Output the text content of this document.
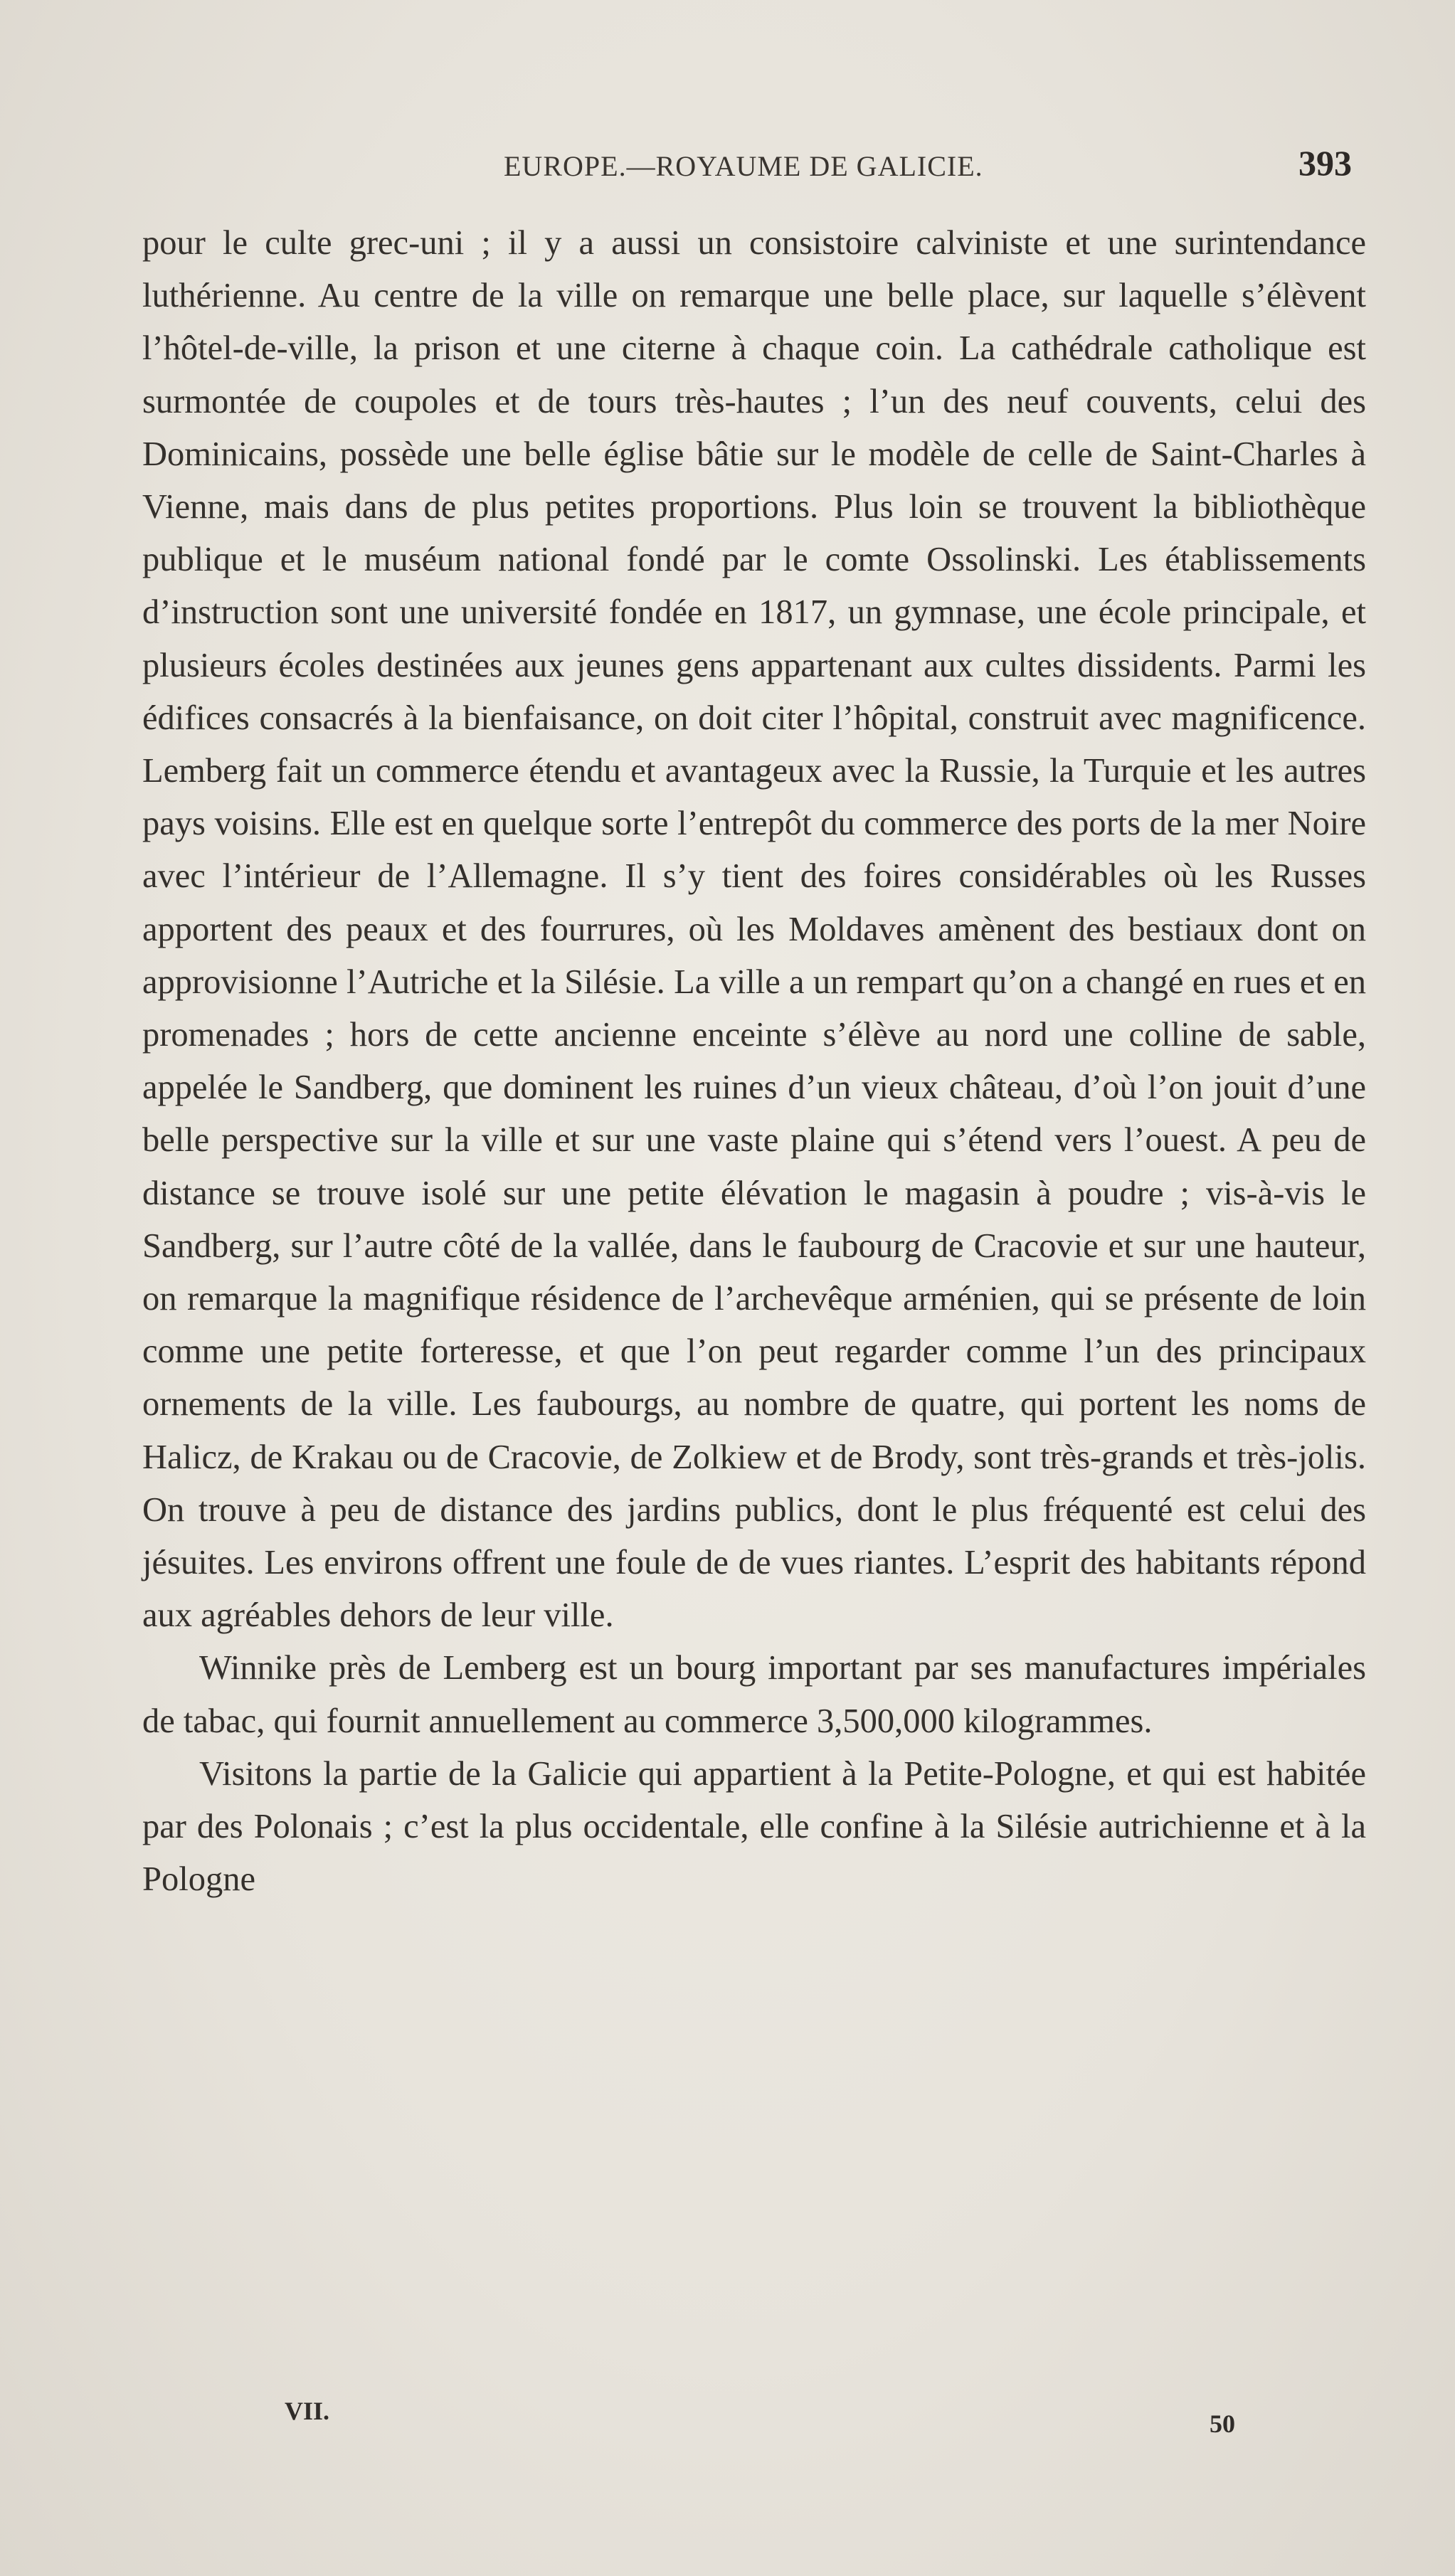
EUROPE.—ROYAUME DE GALICIE.	393

pour le culte grec-uni ; il y a aussi un consistoire calviniste et une surintendance luthérienne. Au centre de la ville on remarque une belle place, sur laquelle s’élèvent l’hôtel-de-ville, la prison et une citerne à chaque coin. La cathédrale catholique est surmontée de coupoles et de tours très-hautes ; l’un des neuf couvents, celui des Dominicains, possède une belle église bâtie sur le modèle de celle de Saint-Charles à Vienne, mais dans de plus petites proportions. Plus loin se trouvent la bibliothèque publique et le muséum national fondé par le comte Ossolinski. Les établissements d’instruction sont une université fondée en 1817, un gymnase, une école principale, et plusieurs écoles destinées aux jeunes gens appartenant aux cultes dissidents. Parmi les édifices consacrés à la bienfaisance, on doit citer l’hôpital, construit avec magnificence. Lemberg fait un commerce étendu et avantageux avec la Russie, la Turquie et les autres pays voisins. Elle est en quelque sorte l’entrepôt du commerce des ports de la mer Noire avec l’intérieur de l’Allemagne. Il s’y tient des foires considérables où les Russes apportent des peaux et des fourrures, où les Moldaves amènent des bestiaux dont on approvisionne l’Autriche et la Silésie. La ville a un rempart qu’on a changé en rues et en promenades ; hors de cette ancienne enceinte s’élève au nord une colline de sable, appelée le Sandberg, que dominent les ruines d’un vieux château, d’où l’on jouit d’une belle perspective sur la ville et sur une vaste plaine qui s’étend vers l’ouest. A peu de distance se trouve isolé sur une petite élévation le magasin à poudre ; vis-à-vis le Sandberg, sur l’autre côté de la vallée, dans le faubourg de Cracovie et sur une hauteur, on remarque la magnifique résidence de l’archevêque arménien, qui se présente de loin comme une petite forteresse, et que l’on peut regarder comme l’un des principaux ornements de la ville. Les faubourgs, au nombre de quatre, qui portent les noms de Halicz, de Krakau ou de Cracovie, de Zolkiew et de Brody, sont très-grands et très-jolis. On trouve à peu de distance des jardins publics, dont le plus fréquenté est celui des jésuites. Les environs offrent une foule de de vues riantes. L’esprit des habitants répond aux agréables dehors de leur ville.

Winnike près de Lemberg est un bourg important par ses manufactures impériales de tabac, qui fournit annuellement au commerce 3,500,000 kilogrammes.

Visitons la partie de la Galicie qui appartient à la Petite-Pologne, et qui est habitée par des Polonais ; c’est la plus occidentale, elle confine à la Silésie autrichienne et à la Pologne

VII.	50
